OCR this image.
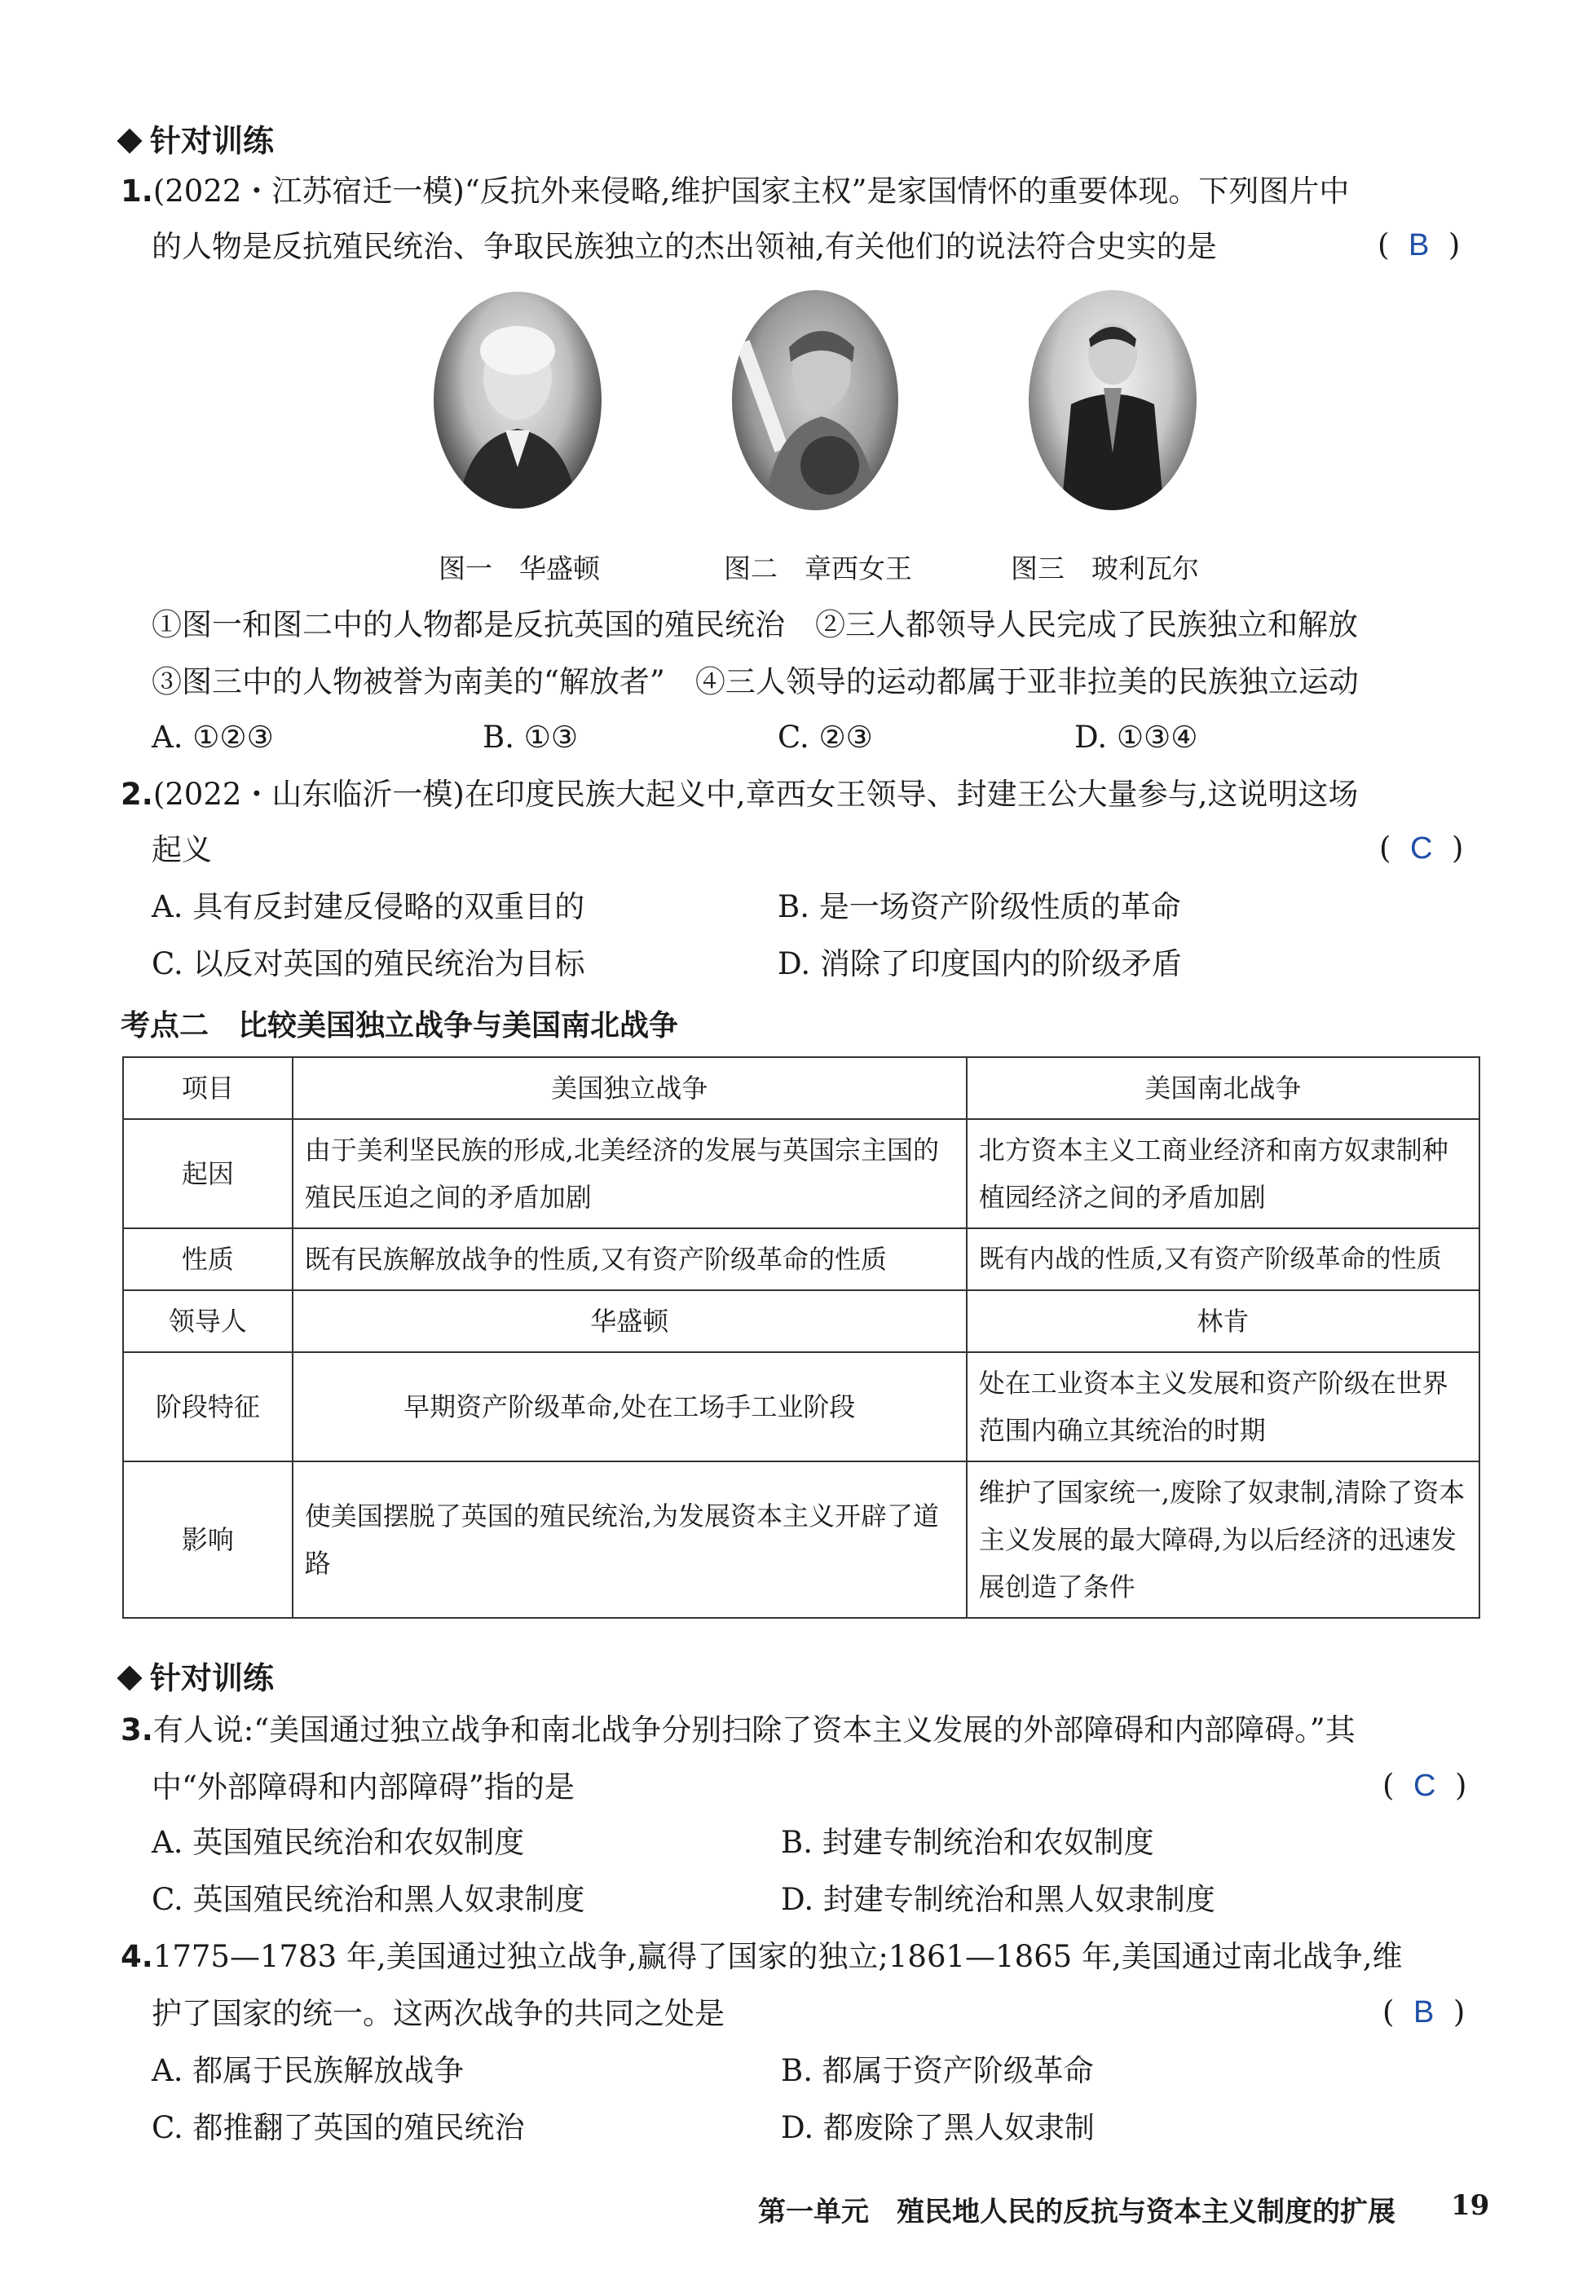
针对训练
1.(2022・江苏宿迁一模)“反抗外来侵略,维护国家主权”是家国情怀的重要体现。下列图片中
的人物是反抗殖民统治、争取民族独立的杰出领袖,有关他们的说法符合史实的是	(  B  )
图一　华盛顿	图二　章西女王	图三　玻利瓦尔
①图一和图二中的人物都是反抗英国的殖民统治　②三人都领导人民完成了民族独立和解放
③图三中的人物被誉为南美的“解放者”　④三人领导的运动都属于亚非拉美的民族独立运动
A. ①②③	B. ①③	C. ②③	D. ①③④
2.(2022・山东临沂一模)在印度民族大起义中,章西女王领导、封建王公大量参与,这说明这场
起义	(  C  )
A. 具有反封建反侵略的双重目的	B. 是一场资产阶级性质的革命
C. 以反对英国的殖民统治为目标	D. 消除了印度国内的阶级矛盾
考点二　比较美国独立战争与美国南北战争
项目	美国独立战争	美国南北战争
起因	由于美利坚民族的形成,北美经济的发展与英国宗主国的殖民压迫之间的矛盾加剧	北方资本主义工商业经济和南方奴隶制种植园经济之间的矛盾加剧
性质	既有民族解放战争的性质,又有资产阶级革命的性质	既有内战的性质,又有资产阶级革命的性质
领导人	华盛顿	林肯
阶段特征	早期资产阶级革命,处在工场手工业阶段	处在工业资本主义发展和资产阶级在世界范围内确立其统治的时期
影响	使美国摆脱了英国的殖民统治,为发展资本主义开辟了道路	维护了国家统一,废除了奴隶制,清除了资本主义发展的最大障碍,为以后经济的迅速发展创造了条件
针对训练
3.有人说:“美国通过独立战争和南北战争分别扫除了资本主义发展的外部障碍和内部障碍。”其
中“外部障碍和内部障碍”指的是	(  C  )
A. 英国殖民统治和农奴制度	B. 封建专制统治和农奴制度
C. 英国殖民统治和黑人奴隶制度	D. 封建专制统治和黑人奴隶制度
4.1775—1783 年,美国通过独立战争,赢得了国家的独立;1861—1865 年,美国通过南北战争,维
护了国家的统一。这两次战争的共同之处是	(  B  )
A. 都属于民族解放战争	B. 都属于资产阶级革命
C. 都推翻了英国的殖民统治	D. 都废除了黑人奴隶制
第一单元　殖民地人民的反抗与资本主义制度的扩展 19
